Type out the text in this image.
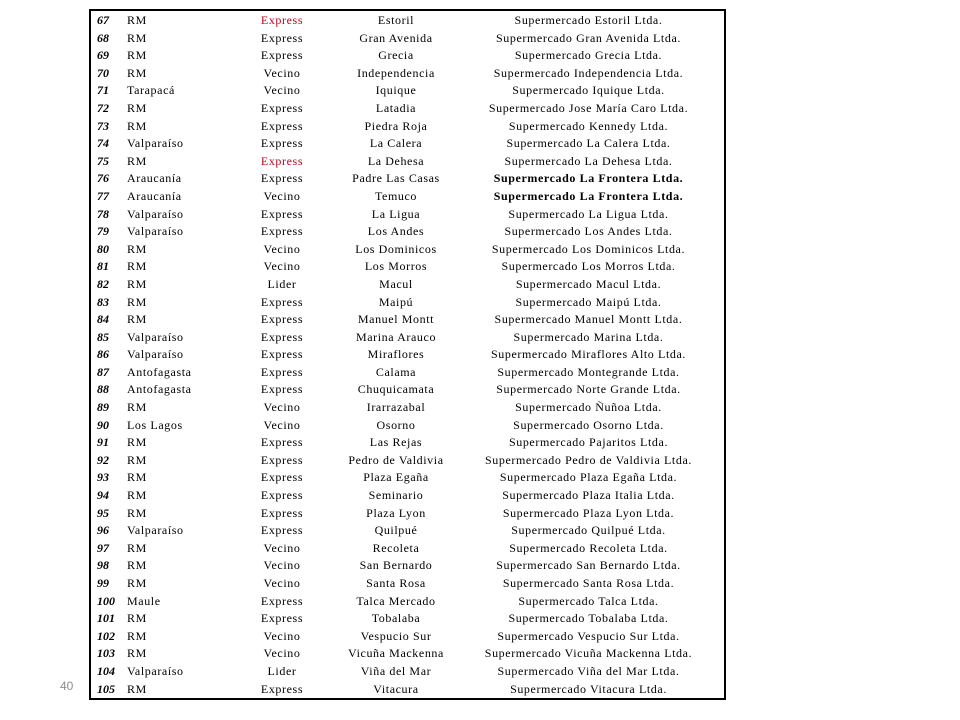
67	RM	Express	Estoril	Supermercado Estoril Ltda.
68	RM	Express	Gran Avenida	Supermercado Gran Avenida Ltda.
69	RM	Express	Grecia	Supermercado Grecia Ltda.
70	RM	Vecino	Independencia	Supermercado Independencia Ltda.
71	Tarapacá	Vecino	Iquique	Supermercado Iquique Ltda.
72	RM	Express	Latadia	Supermercado Jose María Caro Ltda.
73	RM	Express	Piedra Roja	Supermercado Kennedy Ltda.
74	Valparaíso	Express	La Calera	Supermercado La Calera Ltda.
75	RM	Express	La Dehesa	Supermercado La Dehesa Ltda.
76	Araucanía	Express	Padre Las Casas	Supermercado La Frontera Ltda.
77	Araucanía	Vecino	Temuco	Supermercado La Frontera Ltda.
78	Valparaíso	Express	La Ligua	Supermercado La Ligua Ltda.
79	Valparaíso	Express	Los Andes	Supermercado Los Andes Ltda.
80	RM	Vecino	Los Dominicos	Supermercado Los Dominicos Ltda.
81	RM	Vecino	Los Morros	Supermercado Los Morros Ltda.
82	RM	Lider	Macul	Supermercado Macul Ltda.
83	RM	Express	Maipú	Supermercado Maipú Ltda.
84	RM	Express	Manuel Montt	Supermercado Manuel Montt Ltda.
85	Valparaíso	Express	Marina Arauco	Supermercado Marina Ltda.
86	Valparaíso	Express	Miraflores	Supermercado Miraflores Alto Ltda.
87	Antofagasta	Express	Calama	Supermercado Montegrande Ltda.
88	Antofagasta	Express	Chuquicamata	Supermercado Norte Grande Ltda.
89	RM	Vecino	Irarrazabal	Supermercado Ñuñoa Ltda.
90	Los Lagos	Vecino	Osorno	Supermercado Osorno Ltda.
91	RM	Express	Las Rejas	Supermercado Pajaritos Ltda.
92	RM	Express	Pedro de Valdivia	Supermercado Pedro de Valdivia Ltda.
93	RM	Express	Plaza Egaña	Supermercado Plaza Egaña Ltda.
94	RM	Express	Seminario	Supermercado Plaza Italia Ltda.
95	RM	Express	Plaza Lyon	Supermercado Plaza Lyon Ltda.
96	Valparaíso	Express	Quilpué	Supermercado Quilpué Ltda.
97	RM	Vecino	Recoleta	Supermercado Recoleta Ltda.
98	RM	Vecino	San Bernardo	Supermercado San Bernardo Ltda.
99	RM	Vecino	Santa Rosa	Supermercado Santa Rosa Ltda.
100	Maule	Express	Talca Mercado	Supermercado Talca Ltda.
101	RM	Express	Tobalaba	Supermercado Tobalaba Ltda.
102	RM	Vecino	Vespucio Sur	Supermercado Vespucio Sur Ltda.
103	RM	Vecino	Vicuña Mackenna	Supermercado Vicuña Mackenna Ltda.
104	Valparaíso	Lider	Viña del Mar	Supermercado Viña del Mar Ltda.
105	RM	Express	Vitacura	Supermercado Vitacura Ltda.
40
